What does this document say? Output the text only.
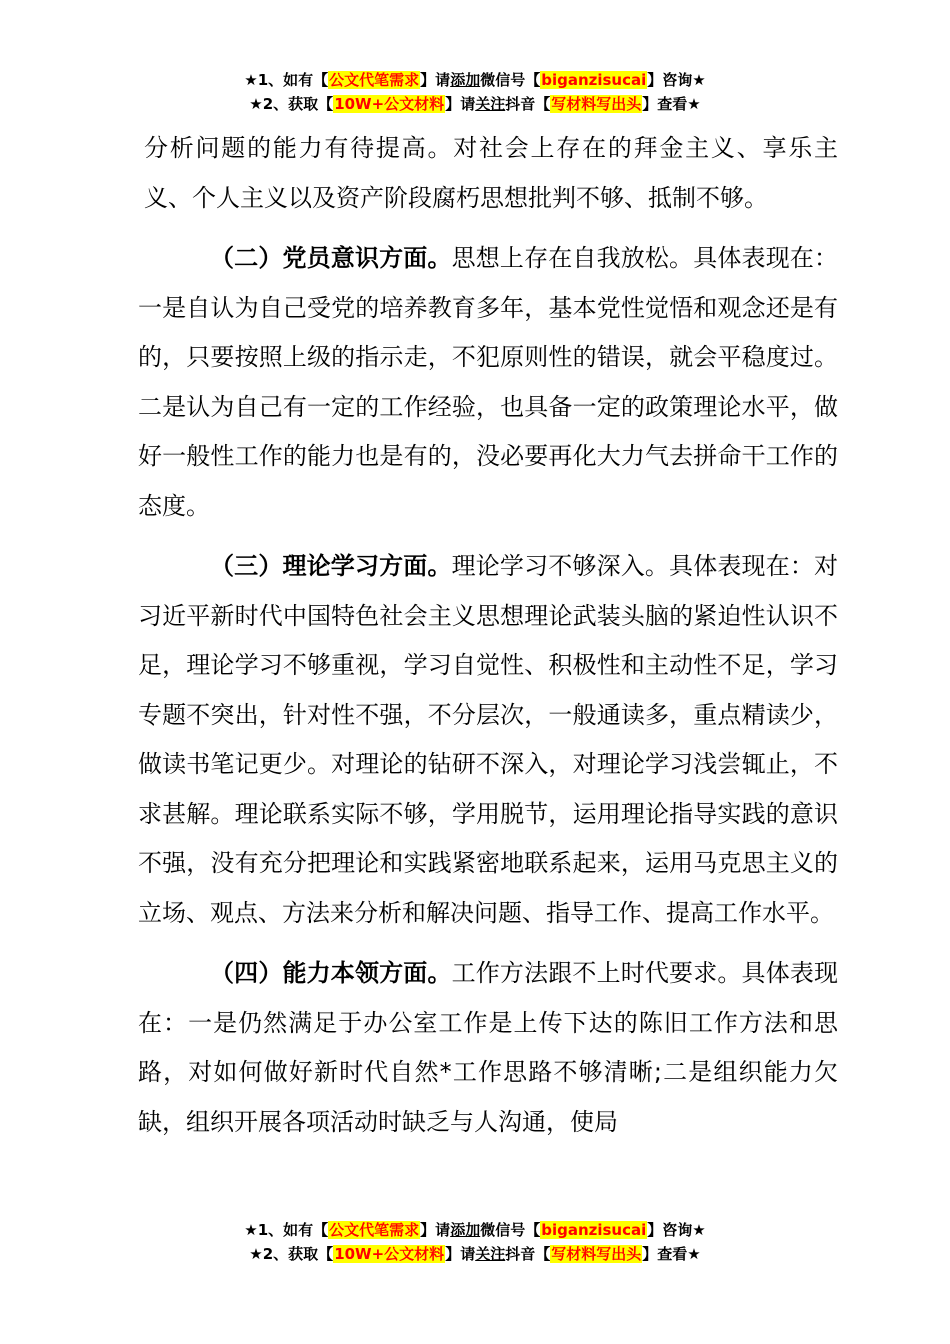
★1、如有【公文代笔需求】请添加微信号【biganzisucai】咨询★
★2、获取【10W+公文材料】请关注抖音【写材料写出头】查看★

分析问题的能力有待提高。对社会上存在的拜金主义、享乐主义、个人主义以及资产阶段腐朽思想批判不够、抵制不够。

（二）党员意识方面。思想上存在自我放松。具体表现在：一是自认为自己受党的培养教育多年，基本党性觉悟和观念还是有的，只要按照上级的指示走，不犯原则性的错误，就会平稳度过。二是认为自己有一定的工作经验，也具备一定的政策理论水平，做好一般性工作的能力也是有的，没必要再化大力气去拼命干工作的态度。

（三）理论学习方面。理论学习不够深入。具体表现在：对习近平新时代中国特色社会主义思想理论武装头脑的紧迫性认识不足，理论学习不够重视，学习自觉性、积极性和主动性不足，学习专题不突出，针对性不强，不分层次，一般通读多，重点精读少，做读书笔记更少。对理论的钻研不深入，对理论学习浅尝辄止，不求甚解。理论联系实际不够，学用脱节，运用理论指导实践的意识不强，没有充分把理论和实践紧密地联系起来，运用马克思主义的立场、观点、方法来分析和解决问题、指导工作、提高工作水平。

（四）能力本领方面。工作方法跟不上时代要求。具体表现在：一是仍然满足于办公室工作是上传下达的陈旧工作方法和思路，对如何做好新时代自然*工作思路不够清晰;二是组织能力欠缺，组织开展各项活动时缺乏与人沟通，使局

★1、如有【公文代笔需求】请添加微信号【biganzisucai】咨询★
★2、获取【10W+公文材料】请关注抖音【写材料写出头】查看★
